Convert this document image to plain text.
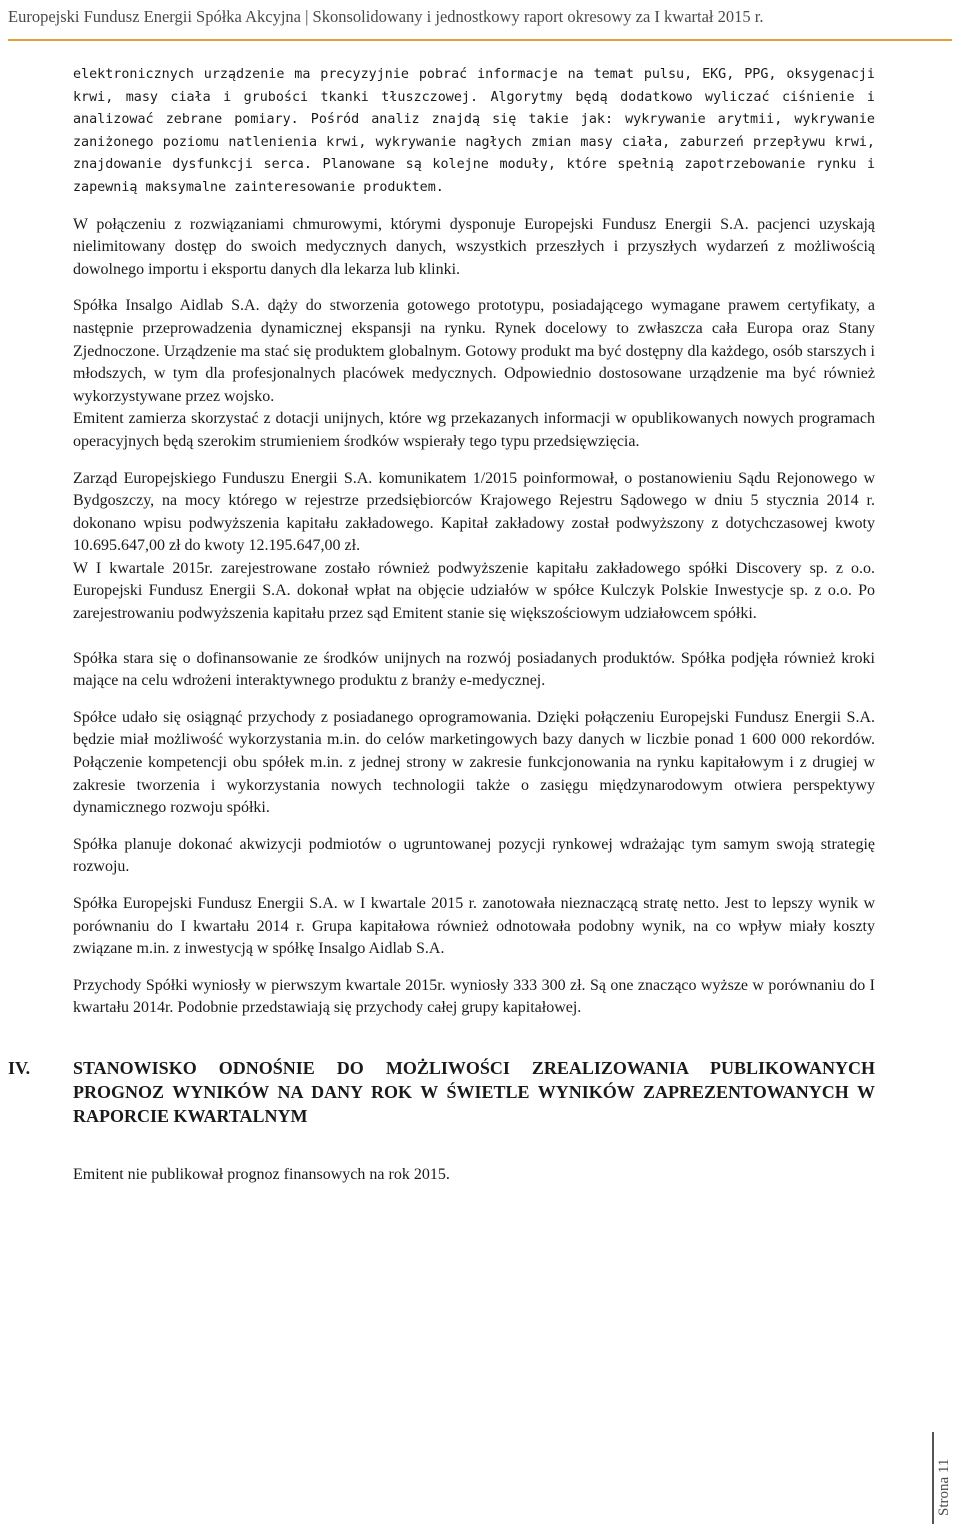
Europejski Fundusz Energii Spółka Akcyjna | Skonsolidowany i jednostkowy raport okresowy za I kwartał 2015 r.

elektronicznych urządzenie ma precyzyjnie pobrać informacje na temat pulsu, EKG, PPG, oksygenacji krwi, masy ciała i grubości tkanki tłuszczowej. Algorytmy będą dodatkowo wyliczać ciśnienie i analizować zebrane pomiary. Pośród analiz znajdą się takie jak: wykrywanie arytmii, wykrywanie zaniżonego poziomu natlenienia krwi, wykrywanie nagłych zmian masy ciała, zaburzeń przepływu krwi, znajdowanie dysfunkcji serca. Planowane są kolejne moduły, które spełnią zapotrzebowanie rynku i zapewnią maksymalne zainteresowanie produktem.

W połączeniu z rozwiązaniami chmurowymi, którymi dysponuje Europejski Fundusz Energii S.A. pacjenci uzyskają nielimitowany dostęp do swoich medycznych danych, wszystkich przeszłych i przyszłych wydarzeń z możliwością dowolnego importu i eksportu danych dla lekarza lub klinki.

Spółka Insalgo Aidlab S.A. dąży do stworzenia gotowego prototypu, posiadającego wymagane prawem certyfikaty, a następnie przeprowadzenia dynamicznej ekspansji na rynku. Rynek docelowy to zwłaszcza cała Europa oraz Stany Zjednoczone. Urządzenie ma stać się produktem globalnym. Gotowy produkt ma być dostępny dla każdego, osób starszych i młodszych, w tym dla profesjonalnych placówek medycznych. Odpowiednio dostosowane urządzenie ma być również wykorzystywane przez wojsko.

Emitent zamierza skorzystać z dotacji unijnych, które wg przekazanych informacji w opublikowanych nowych programach operacyjnych będą szerokim strumieniem środków wspierały tego typu przedsięwzięcia.

Zarząd Europejskiego Funduszu Energii S.A. komunikatem 1/2015 poinformował, o postanowieniu Sądu Rejonowego w Bydgoszczy, na mocy którego w rejestrze przedsiębiorców Krajowego Rejestru Sądowego w dniu 5 stycznia 2014 r. dokonano wpisu podwyższenia kapitału zakładowego. Kapitał zakładowy został podwyższony z dotychczasowej kwoty 10.695.647,00 zł do kwoty 12.195.647,00 zł.

W I kwartale 2015r. zarejestrowane zostało również podwyższenie kapitału zakładowego spółki Discovery sp. z o.o. Europejski Fundusz Energii S.A. dokonał wpłat na objęcie udziałów w spółce Kulczyk Polskie Inwestycje sp. z o.o. Po zarejestrowaniu podwyższenia kapitału przez sąd Emitent stanie się większościowym udziałowcem spółki.

Spółka stara się o dofinansowanie ze środków unijnych na rozwój posiadanych produktów. Spółka podjęła również kroki mające na celu wdrożeni interaktywnego produktu z branży e-medycznej.

Spółce udało się osiągnąć przychody z posiadanego oprogramowania. Dzięki połączeniu Europejski Fundusz Energii S.A. będzie miał możliwość wykorzystania m.in. do celów marketingowych bazy danych w liczbie ponad 1 600 000 rekordów. Połączenie kompetencji obu spółek m.in. z jednej strony w zakresie funkcjonowania na rynku kapitałowym i z drugiej w zakresie tworzenia i wykorzystania nowych technologii także o zasięgu międzynarodowym otwiera perspektywy dynamicznego rozwoju spółki.

Spółka planuje dokonać akwizycji podmiotów o ugruntowanej pozycji rynkowej wdrażając tym samym swoją strategię rozwoju.

Spółka Europejski Fundusz Energii S.A. w I kwartale 2015 r. zanotowała nieznaczącą stratę netto. Jest to lepszy wynik w porównaniu do I kwartału 2014 r. Grupa kapitałowa również odnotowała podobny wynik, na co wpływ miały koszty związane m.in. z inwestycją w spółkę Insalgo Aidlab S.A.

Przychody Spółki wyniosły w pierwszym kwartale 2015r. wyniosły 333 300 zł. Są one znacząco wyższe w porównaniu do I kwartału 2014r. Podobnie przedstawiają się przychody całej grupy kapitałowej.

IV.	STANOWISKO ODNOŚNIE DO MOŻLIWOŚCI ZREALIZOWANIA PUBLIKOWANYCH PROGNOZ WYNIKÓW NA DANY ROK W ŚWIETLE WYNIKÓW ZAPREZENTOWANYCH W RAPORCIE KWARTALNYM

Emitent nie publikował prognoz finansowych na rok 2015.

Strona 11
